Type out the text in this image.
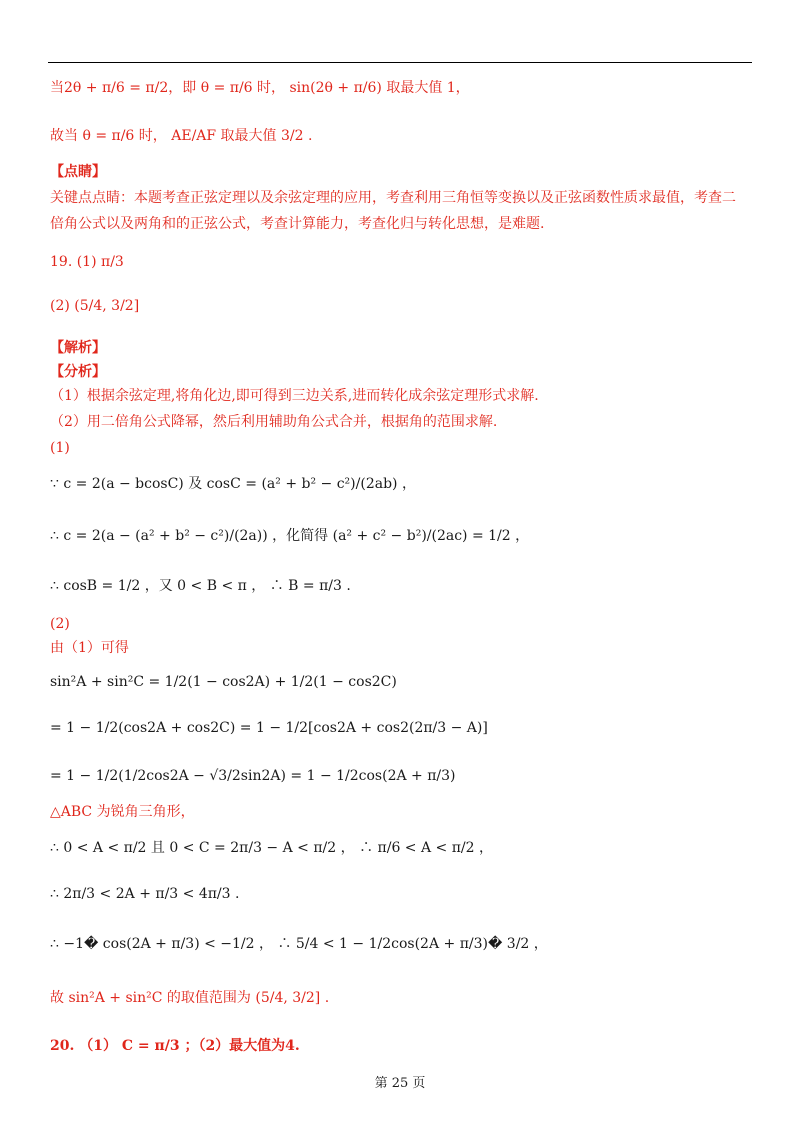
当2θ + π/6 = π/2，即 θ = π/6 时， sin(2θ + π/6) 取最大值 1，
故当 θ = π/6 时， AE/AF 取最大值 3/2 .
【点睛】
关键点点睛：本题考查正弦定理以及余弦定理的应用，考查利用三角恒等变换以及正弦函数性质求最值，考查二
倍角公式以及两角和的正弦公式，考查计算能力，考查化归与转化思想，是难题.
19. (1) π/3
(2) (5/4, 3/2]
【解析】
【分析】
（1）根据余弦定理,将角化边,即可得到三边关系,进而转化成余弦定理形式求解.
（2）用二倍角公式降幂，然后利用辅助角公式合并，根据角的范围求解.
(1)
∵ c = 2(a − bcosC) 及 cosC = (a² + b² − c²)/(2ab) ，
∴ c = 2(a − (a² + b² − c²)/(2a)) ，化简得 (a² + c² − b²)/(2ac) = 1/2 ，
∴ cosB = 1/2 ，又 0 < B < π ， ∴ B = π/3 .
(2)
由（1）可得
sin²A + sin²C = 1/2(1 − cos2A) + 1/2(1 − cos2C)
= 1 − 1/2(cos2A + cos2C) = 1 − 1/2[cos2A + cos2(2π/3 − A)]
= 1 − 1/2(1/2cos2A − √3/2sin2A) = 1 − 1/2cos(2A + π/3)
△ABC 为锐角三角形，
∴ 0 < A < π/2 且 0 < C = 2π/3 − A < π/2 ， ∴ π/6 < A < π/2 ，
∴ 2π/3 < 2A + π/3 < 4π/3 .
∴ −1� cos(2A + π/3) < −1/2 ， ∴ 5/4 < 1 − 1/2cos(2A + π/3)� 3/2 ，
故 sin²A + sin²C 的取值范围为 (5/4, 3/2] .
20. （1） C = π/3 ；（2）最大值为4.
第 25 页
